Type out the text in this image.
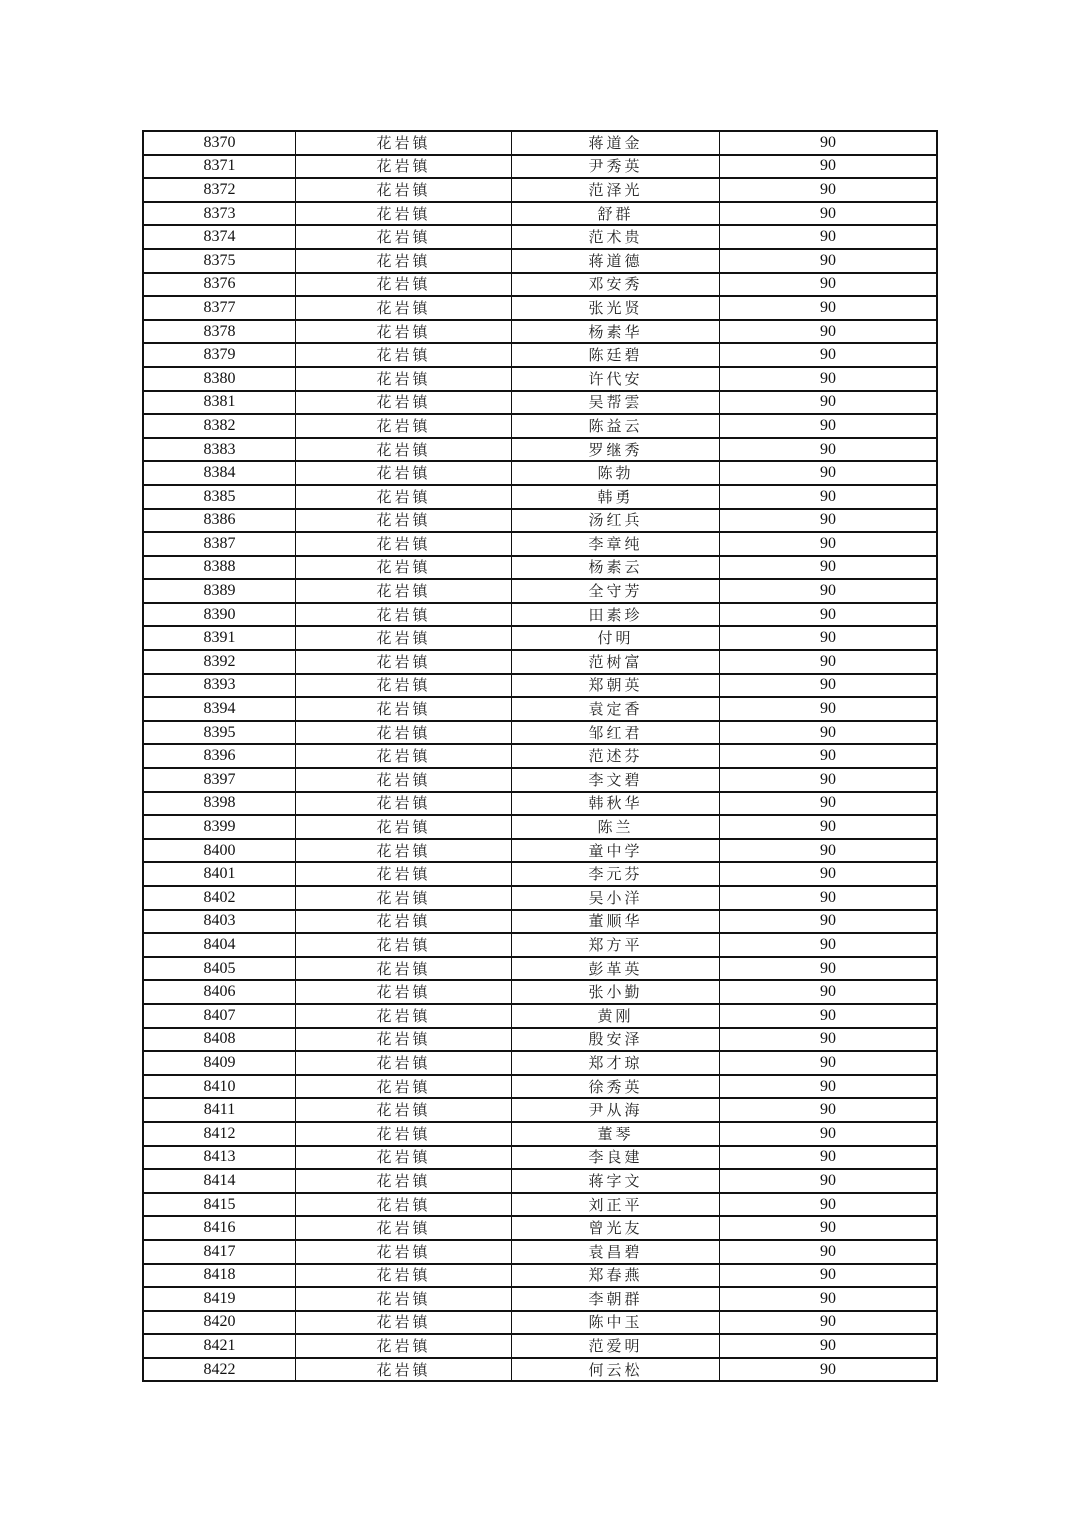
8370	花岩镇	蒋道金	90
8371	花岩镇	尹秀英	90
8372	花岩镇	范泽光	90
8373	花岩镇	舒群	90
8374	花岩镇	范术贵	90
8375	花岩镇	蒋道德	90
8376	花岩镇	邓安秀	90
8377	花岩镇	张光贤	90
8378	花岩镇	杨素华	90
8379	花岩镇	陈廷碧	90
8380	花岩镇	许代安	90
8381	花岩镇	吴帮雲	90
8382	花岩镇	陈益云	90
8383	花岩镇	罗继秀	90
8384	花岩镇	陈勃	90
8385	花岩镇	韩勇	90
8386	花岩镇	汤红兵	90
8387	花岩镇	李章纯	90
8388	花岩镇	杨素云	90
8389	花岩镇	全守芳	90
8390	花岩镇	田素珍	90
8391	花岩镇	付明	90
8392	花岩镇	范树富	90
8393	花岩镇	郑朝英	90
8394	花岩镇	袁定香	90
8395	花岩镇	邹红君	90
8396	花岩镇	范述芬	90
8397	花岩镇	李文碧	90
8398	花岩镇	韩秋华	90
8399	花岩镇	陈兰	90
8400	花岩镇	童中学	90
8401	花岩镇	李元芬	90
8402	花岩镇	吴小洋	90
8403	花岩镇	董顺华	90
8404	花岩镇	郑方平	90
8405	花岩镇	彭革英	90
8406	花岩镇	张小勤	90
8407	花岩镇	黄刚	90
8408	花岩镇	殷安泽	90
8409	花岩镇	郑才琼	90
8410	花岩镇	徐秀英	90
8411	花岩镇	尹从海	90
8412	花岩镇	董琴	90
8413	花岩镇	李良建	90
8414	花岩镇	蒋字文	90
8415	花岩镇	刘正平	90
8416	花岩镇	曾光友	90
8417	花岩镇	袁昌碧	90
8418	花岩镇	郑春燕	90
8419	花岩镇	李朝群	90
8420	花岩镇	陈中玉	90
8421	花岩镇	范爱明	90
8422	花岩镇	何云松	90
